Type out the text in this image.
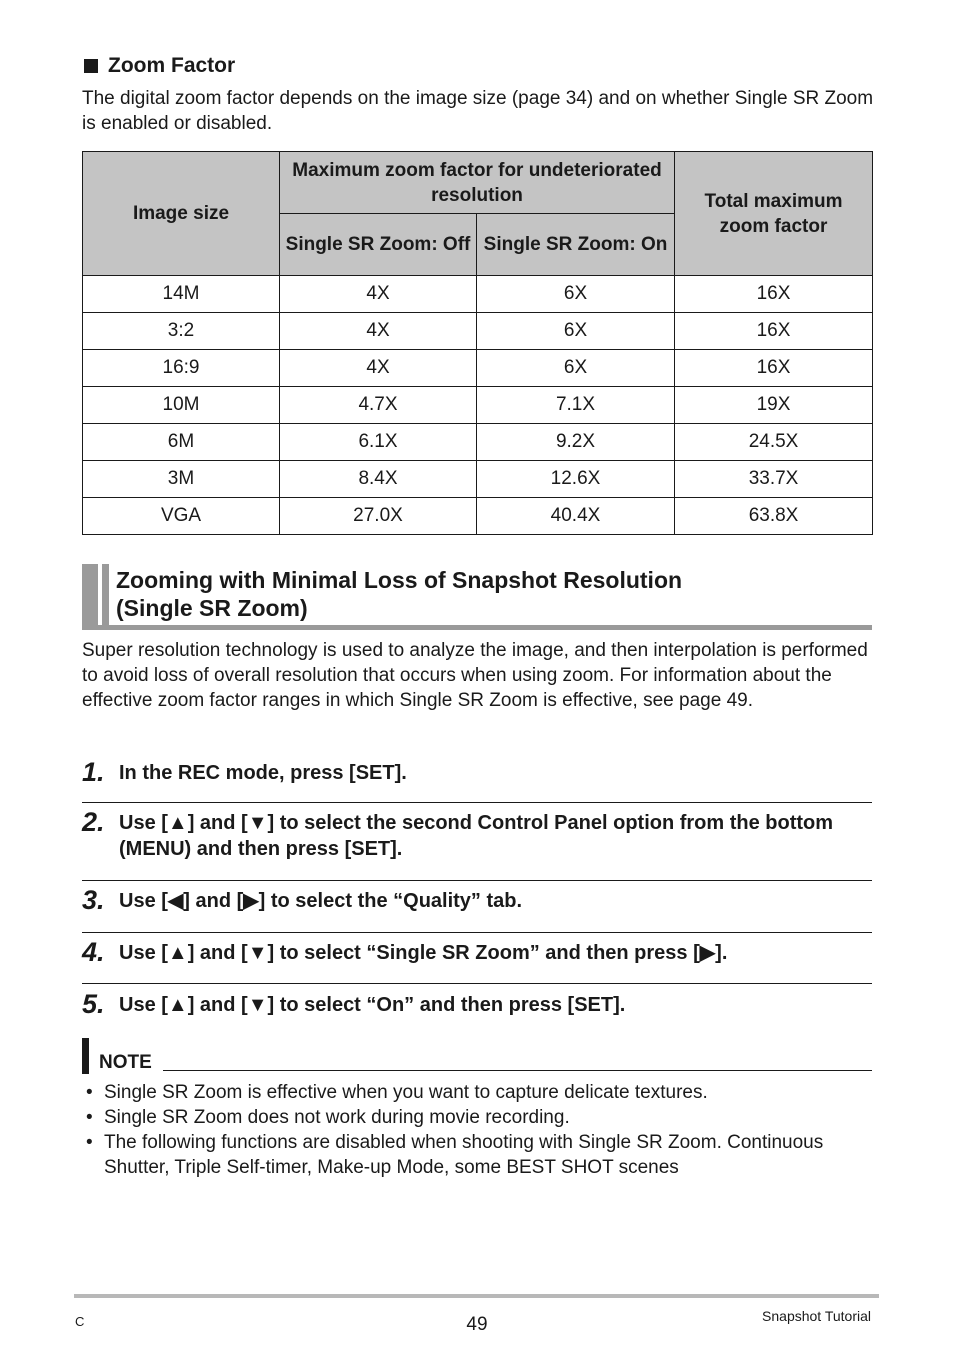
Zoom Factor
The digital zoom factor depends on the image size (page 34) and on whether Single SR Zoom is enabled or disabled.
Image size	Maximum zoom factor for undeteriorated resolution		Total maximum zoom factor
	Single SR Zoom: Off	Single SR Zoom: On	
14M	4X	6X	16X
3:2	4X	6X	16X
16:9	4X	6X	16X
10M	4.7X	7.1X	19X
6M	6.1X	9.2X	24.5X
3M	8.4X	12.6X	33.7X
VGA	27.0X	40.4X	63.8X
Zooming with Minimal Loss of Snapshot Resolution
(Single SR Zoom)
Super resolution technology is used to analyze the image, and then interpolation is performed to avoid loss of overall resolution that occurs when using zoom. For information about the effective zoom factor ranges in which Single SR Zoom is effective, see page 49.
1. In the REC mode, press [SET].
2. Use [▲] and [▼] to select the second Control Panel option from the bottom (MENU) and then press [SET].
3. Use [◀] and [▶] to select the “Quality” tab.
4. Use [▲] and [▼] to select “Single SR Zoom” and then press [▶].
5. Use [▲] and [▼] to select “On” and then press [SET].
NOTE
• Single SR Zoom is effective when you want to capture delicate textures.
• Single SR Zoom does not work during movie recording.
• The following functions are disabled when shooting with Single SR Zoom. Continuous Shutter, Triple Self-timer, Make-up Mode, some BEST SHOT scenes
C	49	Snapshot Tutorial
